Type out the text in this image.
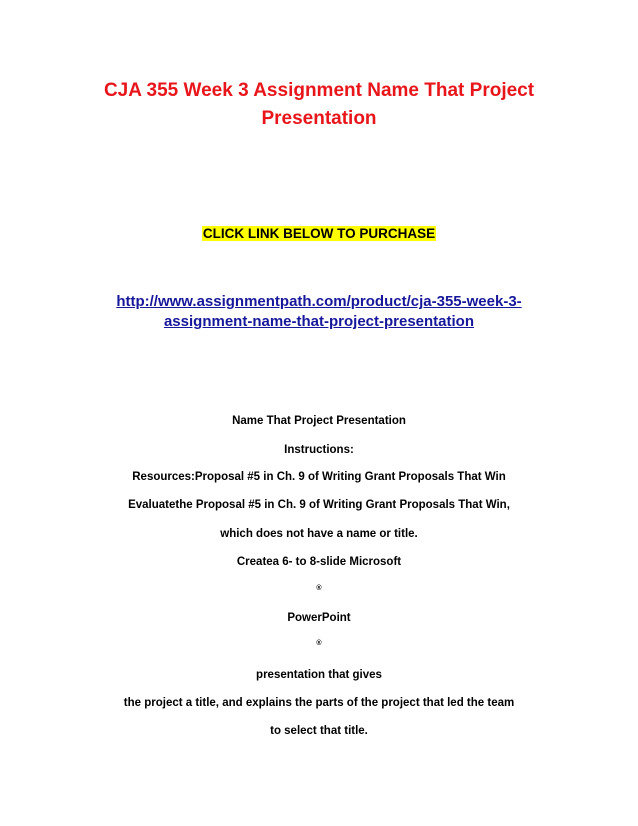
CJA 355 Week 3 Assignment Name That Project
Presentation
CLICK LINK BELOW TO PURCHASE
http://www.assignmentpath.com/product/cja-355-week-3-
assignment-name-that-project-presentation
Name That Project Presentation
Instructions:
Resources:Proposal #5 in Ch. 9 of Writing Grant Proposals That Win
Evaluatethe Proposal #5 in Ch. 9 of Writing Grant Proposals That Win,
which does not have a name or title.
Createa 6- to 8-slide Microsoft
®
PowerPoint
®
presentation that gives
the project a title, and explains the parts of the project that led the team
to select that title.
